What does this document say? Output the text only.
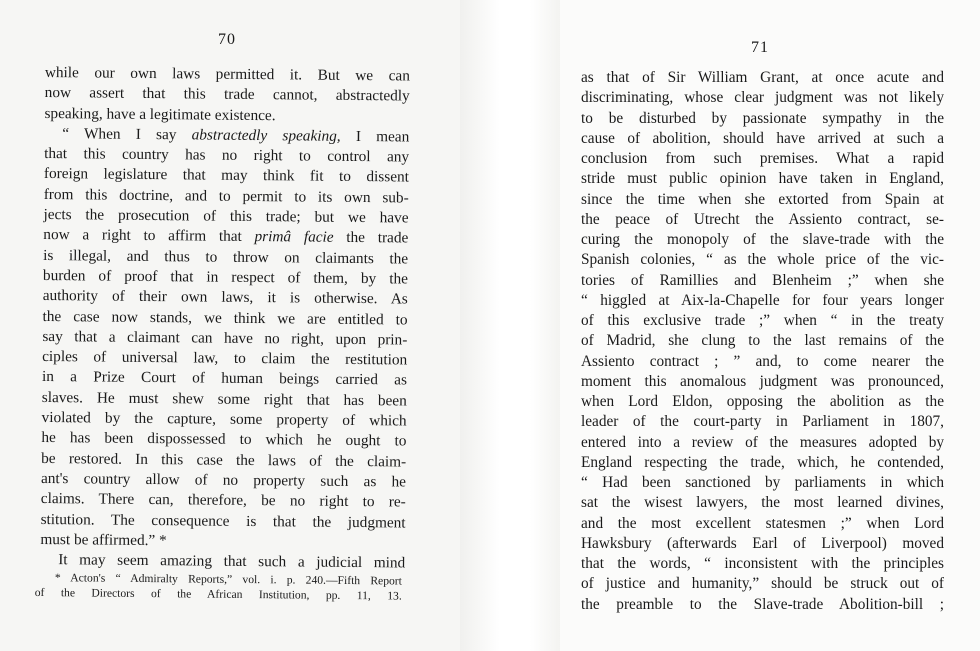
70
while our own laws permitted it. But we can
now assert that this trade cannot, abstractedly
speaking, have a legitimate existence.
“ When I say abstractedly speaking, I mean
that this country has no right to control any
foreign legislature that may think fit to dissent
from this doctrine, and to permit to its own sub-
jects the prosecution of this trade; but we have
now a right to affirm that primâ facie the trade
is illegal, and thus to throw on claimants the
burden of proof that in respect of them, by the
authority of their own laws, it is otherwise. As
the case now stands, we think we are entitled to
say that a claimant can have no right, upon prin-
ciples of universal law, to claim the restitution
in a Prize Court of human beings carried as
slaves. He must shew some right that has been
violated by the capture, some property of which
he has been dispossessed to which he ought to
be restored. In this case the laws of the claim-
ant's country allow of no property such as he
claims. There can, therefore, be no right to re-
stitution. The consequence is that the judgment
must be affirmed.” *
It may seem amazing that such a judicial mind
* Acton's “ Admiralty Reports,” vol. i. p. 240.—Fifth Report
of the Directors of the African Institution, pp. 11, 13.
71
as that of Sir William Grant, at once acute and
discriminating, whose clear judgment was not likely
to be disturbed by passionate sympathy in the
cause of abolition, should have arrived at such a
conclusion from such premises. What a rapid
stride must public opinion have taken in England,
since the time when she extorted from Spain at
the peace of Utrecht the Assiento contract, se-
curing the monopoly of the slave-trade with the
Spanish colonies, “ as the whole price of the vic-
tories of Ramillies and Blenheim ;” when she
“ higgled at Aix-la-Chapelle for four years longer
of this exclusive trade ;” when “ in the treaty
of Madrid, she clung to the last remains of the
Assiento contract ; ” and, to come nearer the
moment this anomalous judgment was pronounced,
when Lord Eldon, opposing the abolition as the
leader of the court-party in Parliament in 1807,
entered into a review of the measures adopted by
England respecting the trade, which, he contended,
“ Had been sanctioned by parliaments in which
sat the wisest lawyers, the most learned divines,
and the most excellent statesmen ;” when Lord
Hawksbury (afterwards Earl of Liverpool) moved
that the words, “ inconsistent with the principles
of justice and humanity,” should be struck out of
the preamble to the Slave-trade Abolition-bill ;
